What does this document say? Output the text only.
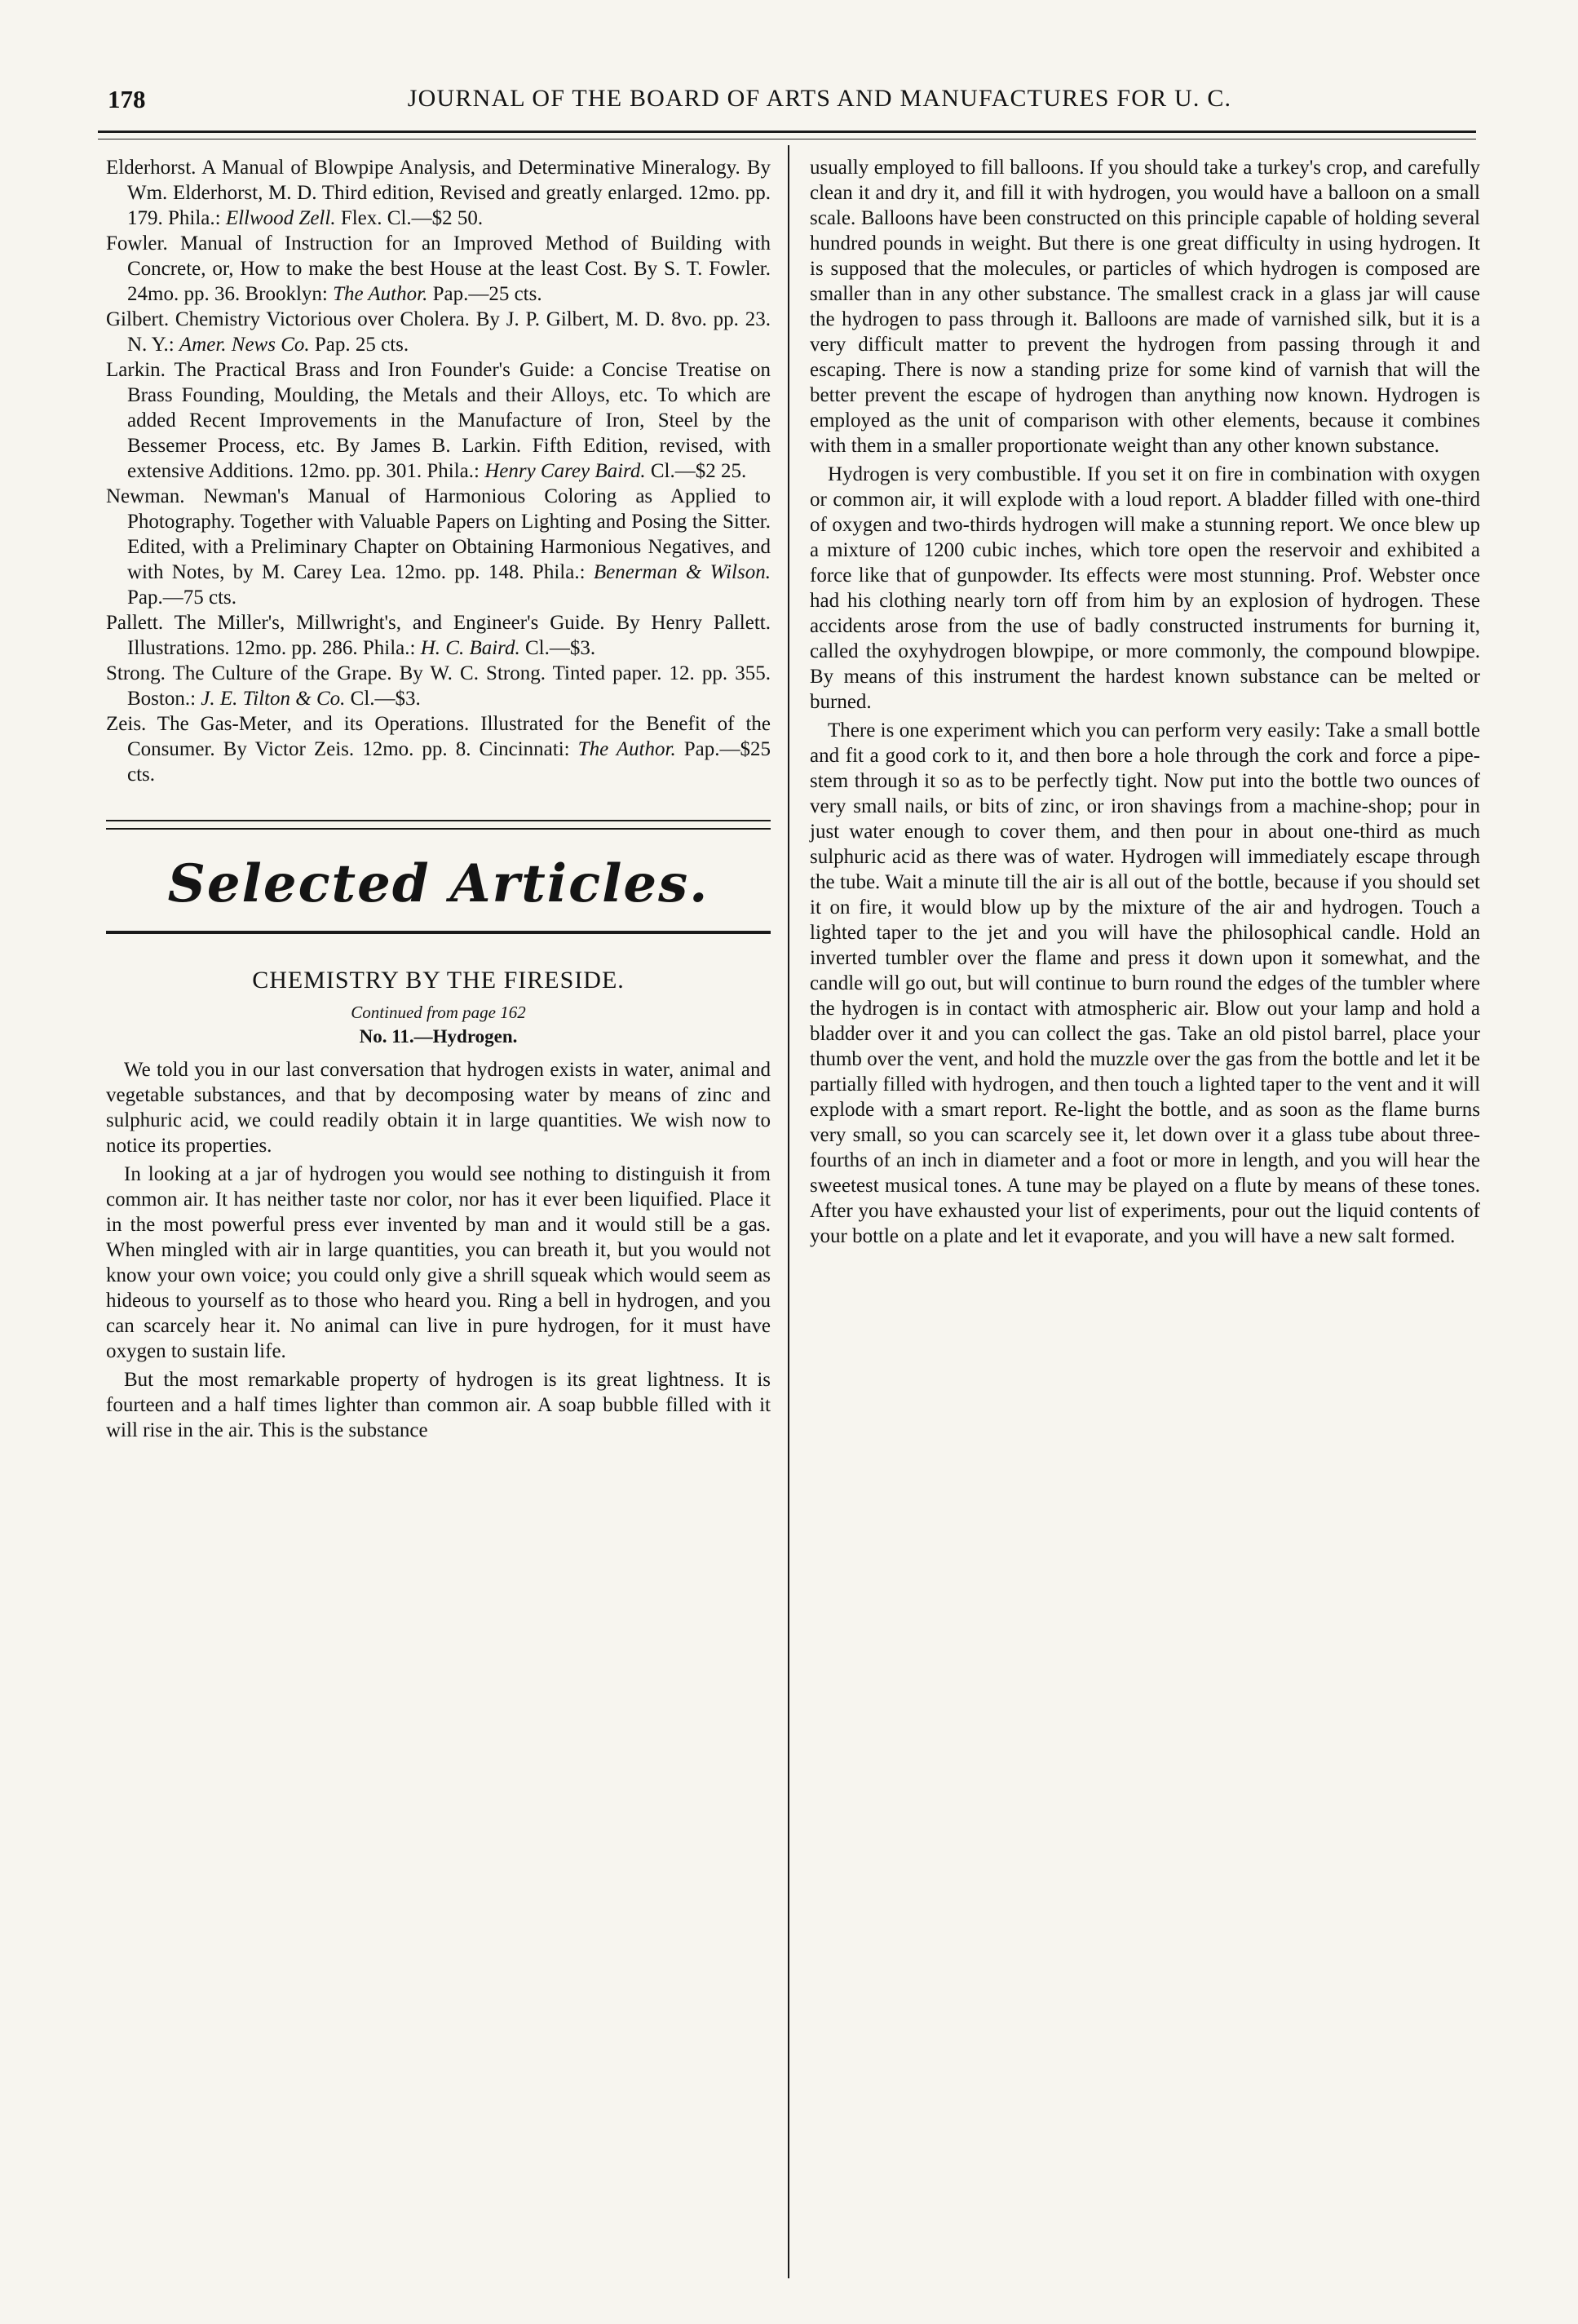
178	JOURNAL OF THE BOARD OF ARTS AND MANUFACTURES FOR U. C.
Elderhorst. A Manual of Blowpipe Analysis, and Determinative Mineralogy. By Wm. Elderhorst, M. D. Third edition, Revised and greatly enlarged. 12mo. pp. 179. Phila.: Ellwood Zell. Flex. Cl.—$2 50.
Fowler. Manual of Instruction for an Improved Method of Building with Concrete, or, How to make the best House at the least Cost. By S. T. Fowler. 24mo. pp. 36. Brooklyn: The Author. Pap.—25 cts.
Gilbert. Chemistry Victorious over Cholera. By J. P. Gilbert, M. D. 8vo. pp. 23. N. Y.: Amer. News Co. Pap. 25 cts.
Larkin. The Practical Brass and Iron Founder's Guide: a Concise Treatise on Brass Founding, Moulding, the Metals and their Alloys, etc. To which are added Recent Improvements in the Manufacture of Iron, Steel by the Bessemer Process, etc. By James B. Larkin. Fifth Edition, revised, with extensive Additions. 12mo. pp. 301. Phila.: Henry Carey Baird. Cl.—$2 25.
Newman. Newman's Manual of Harmonious Coloring as Applied to Photography. Together with Valuable Papers on Lighting and Posing the Sitter. Edited, with a Preliminary Chapter on Obtaining Harmonious Negatives, and with Notes, by M. Carey Lea. 12mo. pp. 148. Phila.: Benerman & Wilson. Pap.—75 cts.
Pallett. The Miller's, Millwright's, and Engineer's Guide. By Henry Pallett. Illustrations. 12mo. pp. 286. Phila.: H. C. Baird. Cl.—$3.
Strong. The Culture of the Grape. By W. C. Strong. Tinted paper. 12. pp. 355. Boston.: J. E. Tilton & Co. Cl.—$3.
Zeis. The Gas-Meter, and its Operations. Illustrated for the Benefit of the Consumer. By Victor Zeis. 12mo. pp. 8. Cincinnati: The Author. Pap.—$25 cts.
Selected Articles.
CHEMISTRY BY THE FIRESIDE.
Continued from page 162
No. 11.—Hydrogen.

We told you in our last conversation that hydrogen exists in water, animal and vegetable substances, and that by decomposing water by means of zinc and sulphuric acid, we could readily obtain it in large quantities. We wish now to notice its properties.

In looking at a jar of hydrogen you would see nothing to distinguish it from common air. It has neither taste nor color, nor has it ever been liquified. Place it in the most powerful press ever invented by man and it would still be a gas. When mingled with air in large quantities, you can breath it, but you would not know your own voice; you could only give a shrill squeak which would seem as hideous to yourself as to those who heard you. Ring a bell in hydrogen, and you can scarcely hear it. No animal can live in pure hydrogen, for it must have oxygen to sustain life.

But the most remarkable property of hydrogen is its great lightness. It is fourteen and a half times lighter than common air. A soap bubble filled with it will rise in the air. This is the substance

usually employed to fill balloons. If you should take a turkey's crop, and carefully clean it and dry it, and fill it with hydrogen, you would have a balloon on a small scale. Balloons have been constructed on this principle capable of holding several hundred pounds in weight. But there is one great difficulty in using hydrogen. It is supposed that the molecules, or particles of which hydrogen is composed are smaller than in any other substance. The smallest crack in a glass jar will cause the hydrogen to pass through it. Balloons are made of varnished silk, but it is a very difficult matter to prevent the hydrogen from passing through it and escaping. There is now a standing prize for some kind of varnish that will the better prevent the escape of hydrogen than anything now known. Hydrogen is employed as the unit of comparison with other elements, because it combines with them in a smaller proportionate weight than any other known substance.

Hydrogen is very combustible. If you set it on fire in combination with oxygen or common air, it will explode with a loud report. A bladder filled with one-third of oxygen and two-thirds hydrogen will make a stunning report. We once blew up a mixture of 1200 cubic inches, which tore open the reservoir and exhibited a force like that of gunpowder. Its effects were most stunning. Prof. Webster once had his clothing nearly torn off from him by an explosion of hydrogen. These accidents arose from the use of badly constructed instruments for burning it, called the oxyhydrogen blowpipe, or more commonly, the compound blowpipe. By means of this instrument the hardest known substance can be melted or burned.

There is one experiment which you can perform very easily: Take a small bottle and fit a good cork to it, and then bore a hole through the cork and force a pipe-stem through it so as to be perfectly tight. Now put into the bottle two ounces of very small nails, or bits of zinc, or iron shavings from a machine-shop; pour in just water enough to cover them, and then pour in about one-third as much sulphuric acid as there was of water. Hydrogen will immediately escape through the tube. Wait a minute till the air is all out of the bottle, because if you should set it on fire, it would blow up by the mixture of the air and hydrogen. Touch a lighted taper to the jet and you will have the philosophical candle. Hold an inverted tumbler over the flame and press it down upon it somewhat, and the candle will go out, but will continue to burn round the edges of the tumbler where the hydrogen is in contact with atmospheric air. Blow out your lamp and hold a bladder over it and you can collect the gas. Take an old pistol barrel, place your thumb over the vent, and hold the muzzle over the gas from the bottle and let it be partially filled with hydrogen, and then touch a lighted taper to the vent and it will explode with a smart report. Re-light the bottle, and as soon as the flame burns very small, so you can scarcely see it, let down over it a glass tube about three-fourths of an inch in diameter and a foot or more in length, and you will hear the sweetest musical tones. A tune may be played on a flute by means of these tones. After you have exhausted your list of experiments, pour out the liquid contents of your bottle on a plate and let it evaporate, and you will have a new salt formed.
